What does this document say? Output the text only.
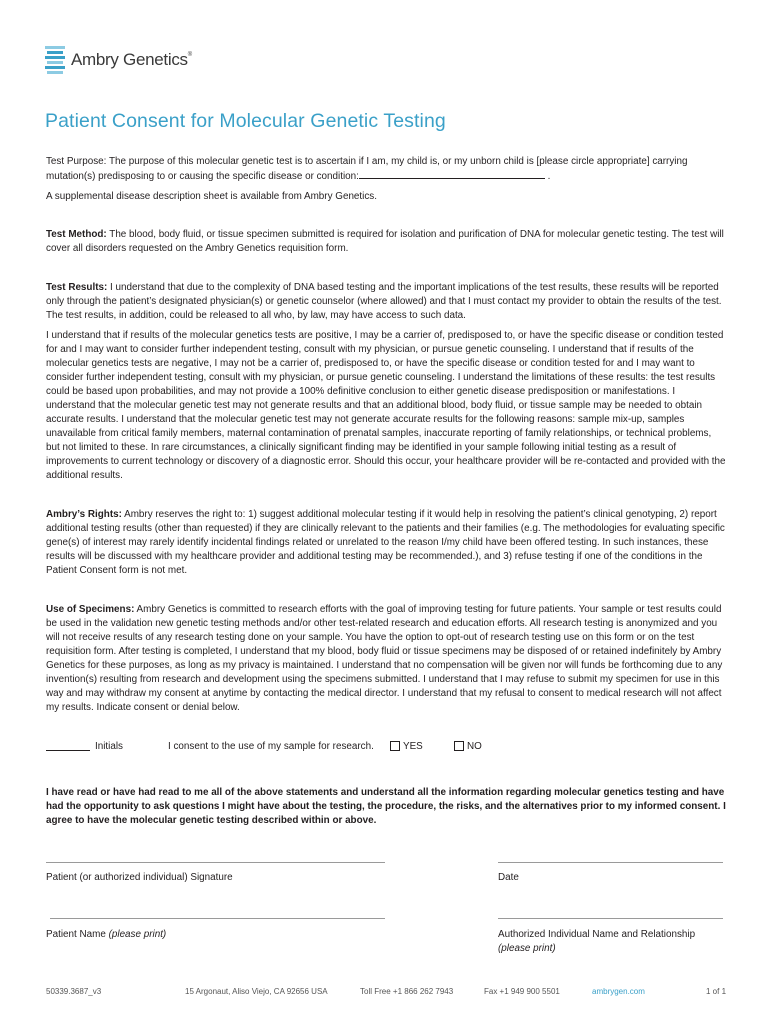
Ambry Genetics®
Patient Consent for Molecular Genetic Testing

Test Purpose: The purpose of this molecular genetic test is to ascertain if I am, my child is, or my unborn child is [please circle appropriate] carrying mutation(s) predisposing to or causing the specific disease or condition:	.

A supplemental disease description sheet is available from Ambry Genetics.

Test Method: The blood, body fluid, or tissue specimen submitted is required for isolation and purification of DNA for molecular genetic testing. The test will cover all disorders requested on the Ambry Genetics requisition form.

Test Results: I understand that due to the complexity of DNA based testing and the important implications of the test results, these results will be reported only through the patient’s designated physician(s) or genetic counselor (where allowed) and that I must contact my provider to obtain the results of the test. The test results, in addition, could be released to all who, by law, may have access to such data.

I understand that if results of the molecular genetics tests are positive, I may be a carrier of, predisposed to, or have the specific disease or condition tested for and I may want to consider further independent testing, consult with my physician, or pursue genetic counseling. I understand that if results of the molecular genetics tests are negative, I may not be a carrier of, predisposed to, or have the specific disease or condition tested for and I may want to consider further independent testing, consult with my physician, or pursue genetic counseling. I understand the limitations of these results: the test results could be based upon probabilities, and may not provide a 100% definitive conclusion to either genetic disease predisposition or manifestations. I understand that the molecular genetic test may not generate results and that an additional blood, body fluid, or tissue sample may be needed to obtain accurate results. I understand that the molecular genetic test may not generate accurate results for the following reasons: sample mix-up, samples unavailable from critical family members, maternal contamination of prenatal samples, inaccurate reporting of family relationships, or technical problems, but not limited to these. In rare circumstances, a clinically significant finding may be identified in your sample following initial testing as a result of improvements to current technology or discovery of a diagnostic error. Should this occur, your healthcare provider will be re-contacted and provided with the additional results.

Ambry’s Rights: Ambry reserves the right to: 1) suggest additional molecular testing if it would help in resolving the patient’s clinical genotyping, 2) report additional testing results (other than requested) if they are clinically relevant to the patients and their families (e.g. The methodologies for evaluating specific gene(s) of interest may rarely identify incidental findings related or unrelated to the reason I/my child have been offered testing. In such instances, these results will be discussed with my healthcare provider and additional testing may be recommended.), and 3) refuse testing if one of the conditions in the Patient Consent form is not met.

Use of Specimens: Ambry Genetics is committed to research efforts with the goal of improving testing for future patients. Your sample or test results could be used in the validation new genetic testing methods and/or other test-related research and education efforts. All research testing is anonymized and you will not receive results of any research testing done on your sample. You have the option to opt-out of research testing use on this form or on the test requisition form. After testing is completed, I understand that my blood, body fluid or tissue specimens may be disposed of or retained indefinitely by Ambry Genetics for these purposes, as long as my privacy is maintained. I understand that no compensation will be given nor will funds be forthcoming due to any invention(s) resulting from research and development using the specimens submitted. I understand that I may refuse to submit my specimen for use in this way and may withdraw my consent at anytime by contacting the medical director. I understand that my refusal to consent to medical research will not affect my results. Indicate consent or denial below.

Initials	I consent to the use of my sample for research.	YES	NO

I have read or have had read to me all of the above statements and understand all the information regarding molecular genetics testing and have had the opportunity to ask questions I might have about the testing, the procedure, the risks, and the alternatives prior to my informed consent. I agree to have the molecular genetic testing described within or above.

Patient (or authorized individual) Signature	Date
Patient Name (please print)	Authorized Individual Name and Relationship
(please print)
50339.3687_v3	15 Argonaut, Aliso Viejo, CA 92656 USA	Toll Free +1 866 262 7943	Fax +1 949 900 5501	ambrygen.com	1 of 1
